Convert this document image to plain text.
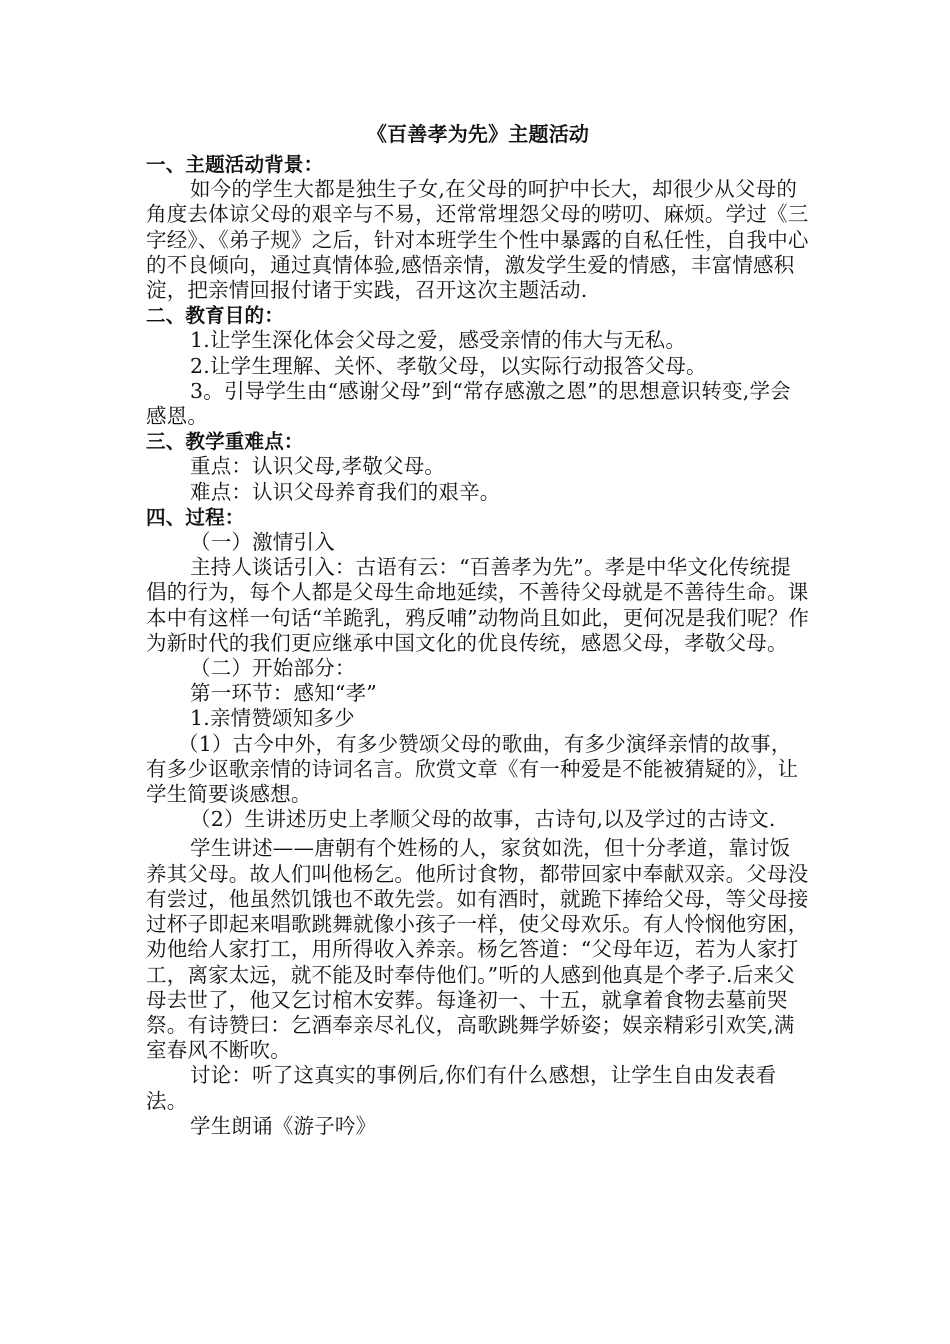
《百善孝为先》主题活动
一、主题活动背景：

如今的学生大都是独生子女,在父母的呵护中长大，却很少从父母的角度去体谅父母的艰辛与不易，还常常埋怨父母的唠叨、麻烦。学过《三字经》、《弟子规》之后，针对本班学生个性中暴露的自私任性，自我中心的不良倾向，通过真情体验,感悟亲情，激发学生爱的情感，丰富情感积淀，把亲情回报付诸于实践，召开这次主题活动.

二、教育目的：

1.让学生深化体会父母之爱，感受亲情的伟大与无私。

2.让学生理解、关怀、孝敬父母，以实际行动报答父母。

3。引导学生由“感谢父母”到“常存感激之恩”的思想意识转变,学会感恩。

三、教学重难点：

重点：认识父母,孝敬父母。

难点：认识父母养育我们的艰辛。

四、过程：

（一）激情引入

主持人谈话引入：古语有云：“百善孝为先”。孝是中华文化传统提倡的行为，每个人都是父母生命地延续，不善待父母就是不善待生命。课本中有这样一句话“羊跪乳，鸦反哺”动物尚且如此，更何况是我们呢？作为新时代的我们更应继承中国文化的优良传统，感恩父母，孝敬父母。

（二）开始部分：

第一环节：感知“孝”

1.亲情赞颂知多少

（1）古今中外，有多少赞颂父母的歌曲，有多少演绎亲情的故事，有多少讴歌亲情的诗词名言。欣赏文章《有一种爱是不能被猜疑的》，让学生简要谈感想。

（2）生讲述历史上孝顺父母的故事，古诗句,以及学过的古诗文.

学生讲述——唐朝有个姓杨的人，家贫如洗，但十分孝道，靠讨饭养其父母。故人们叫他杨乞。他所讨食物，都带回家中奉献双亲。父母没有尝过，他虽然饥饿也不敢先尝。如有酒时，就跪下捧给父母，等父母接过杯子即起来唱歌跳舞就像小孩子一样，使父母欢乐。有人怜悯他穷困，劝他给人家打工，用所得收入养亲。杨乞答道：“父母年迈，若为人家打工，离家太远，就不能及时奉侍他们。”听的人感到他真是个孝子.后来父母去世了，他又乞讨棺木安葬。每逢初一、十五，就拿着食物去墓前哭祭。有诗赞曰：乞酒奉亲尽礼仪，高歌跳舞学娇姿；娱亲精彩引欢笑,满室春风不断吹。

讨论：听了这真实的事例后,你们有什么感想，让学生自由发表看法。

学生朗诵《游子吟》
